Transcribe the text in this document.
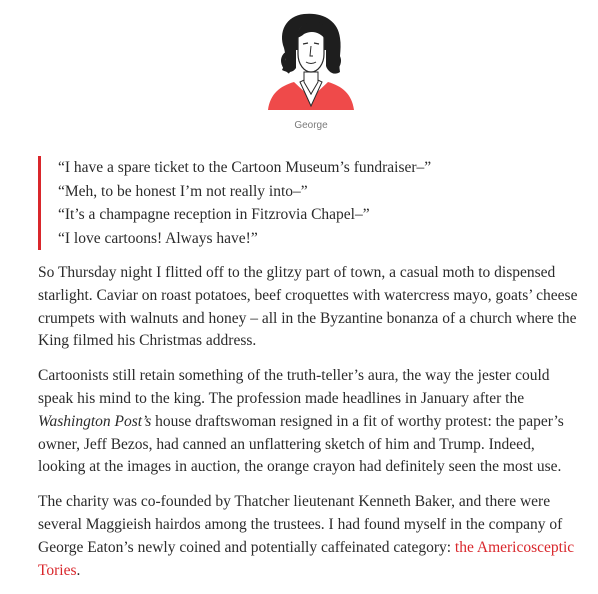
George

“I have a spare ticket to the Cartoon Museum’s fundraiser–”

“Meh, to be honest I’m not really into–”

“It’s a champagne reception in Fitzrovia Chapel–”

“I love cartoons! Always have!”

So Thursday night I flitted off to the glitzy part of town, a casual moth to dispensed starlight. Caviar on roast potatoes, beef croquettes with watercress mayo, goats’ cheese crumpets with walnuts and honey – all in the Byzantine bonanza of a church where the King filmed his Christmas address.

Cartoonists still retain something of the truth-teller’s aura, the way the jester could speak his mind to the king. The profession made headlines in January after the Washington Post’s house draftswoman resigned in a fit of worthy protest: the paper’s owner, Jeff Bezos, had canned an unflattering sketch of him and Trump. Indeed, looking at the images in auction, the orange crayon had definitely seen the most use.

The charity was co-founded by Thatcher lieutenant Kenneth Baker, and there were several Maggieish hairdos among the trustees. I had found myself in the company of George Eaton’s newly coined and potentially caffeinated category: the Americosceptic Tories.
